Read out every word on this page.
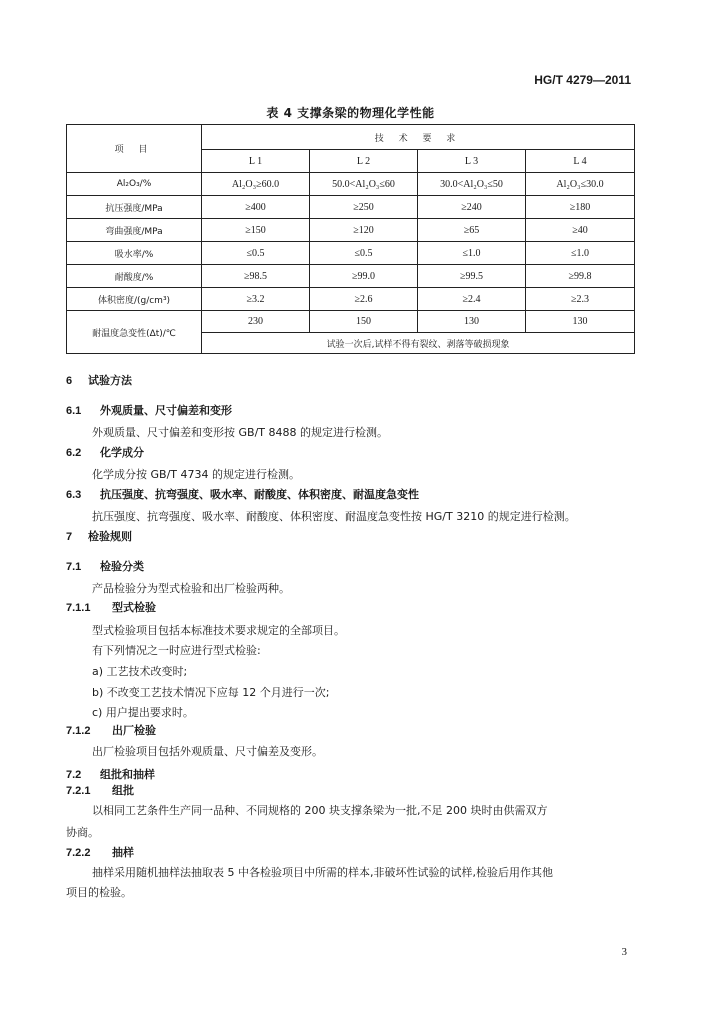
HG/T 4279—2011
表 4 支撑条梁的物理化学性能
项 目	技 术 要 求			
	L 1	L 2	L 3	L 4
Al₂O₃/%	Al₂O₃≥60.0	50.0<Al₂O₃≤60	30.0<Al₂O₃≤50	Al₂O₃≤30.0
抗压强度/MPa	≥400	≥250	≥240	≥180
弯曲强度/MPa	≥150	≥120	≥65	≥40
吸水率/%	≤0.5	≤0.5	≤1.0	≤1.0
耐酸度/%	≥98.5	≥99.0	≥99.5	≥99.8
体积密度/(g/cm³)	≥3.2	≥2.6	≥2.4	≥2.3
耐温度急变性(Δt)/℃	230	150	130	130
	试验一次后,试样不得有裂纹、剥落等破损现象			
6 试验方法
6.1 外观质量、尺寸偏差和变形
外观质量、尺寸偏差和变形按 GB/T 8488 的规定进行检测。
6.2 化学成分
化学成分按 GB/T 4734 的规定进行检测。
6.3 抗压强度、抗弯强度、吸水率、耐酸度、体积密度、耐温度急变性
抗压强度、抗弯强度、吸水率、耐酸度、体积密度、耐温度急变性按 HG/T 3210 的规定进行检测。
7 检验规则
7.1 检验分类
产品检验分为型式检验和出厂检验两种。
7.1.1 型式检验
型式检验项目包括本标准技术要求规定的全部项目。
有下列情况之一时应进行型式检验:
a) 工艺技术改变时;
b) 不改变工艺技术情况下应每 12 个月进行一次;
c) 用户提出要求时。
7.1.2 出厂检验
出厂检验项目包括外观质量、尺寸偏差及变形。
7.2 组批和抽样
7.2.1 组批
以相同工艺条件生产同一品种、不同规格的 200 块支撑条梁为一批,不足 200 块时由供需双方
协商。
7.2.2 抽样
抽样采用随机抽样法抽取表 5 中各检验项目中所需的样本,非破坏性试验的试样,检验后用作其他
项目的检验。
3
